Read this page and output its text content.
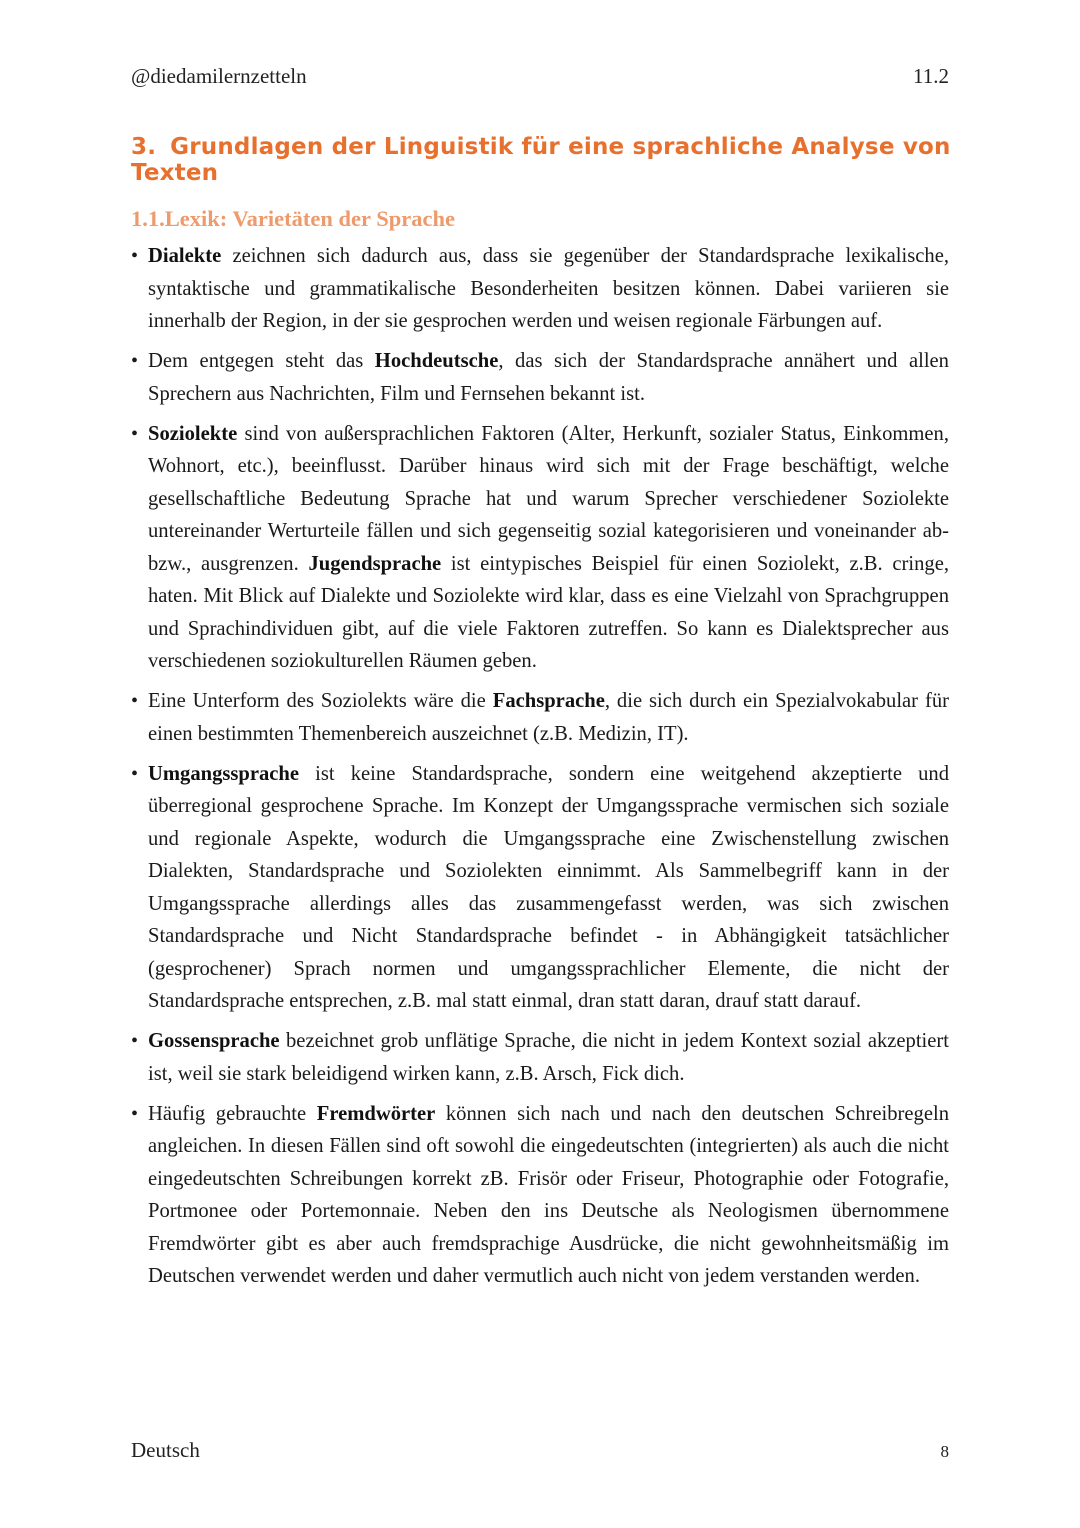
@diedamilernzetteln	11.2
3. Grundlagen der Linguistik für eine sprachliche Analyse von Texten
1.1.Lexik: Varietäten der Sprache
• Dialekte zeichnen sich dadurch aus, dass sie gegenüber der Standardsprache lexikalische, syntaktische und grammatikalische Besonderheiten besitzen können. Dabei variieren sie innerhalb der Region, in der sie gesprochen werden und weisen regionale Färbungen auf.
• Dem entgegen steht das Hochdeutsche, das sich der Standardsprache annähert und allen Sprechern aus Nachrichten, Film und Fernsehen bekannt ist.
• Soziolekte sind von außersprachlichen Faktoren (Alter, Herkunft, sozialer Status, Einkommen, Wohnort, etc.), beeinflusst. Darüber hinaus wird sich mit der Frage beschäftigt, welche gesellschaftliche Bedeutung Sprache hat und warum Sprecher verschiedener Soziolekte untereinander Werturteile fällen und sich gegenseitig sozial kategorisieren und voneinander ab- bzw., ausgrenzen. Jugendsprache ist eintypisches Beispiel für einen Soziolekt, z.B. cringe, haten. Mit Blick auf Dialekte und Soziolekte wird klar, dass es eine Vielzahl von Sprachgruppen und Sprachindividuen gibt, auf die viele Faktoren zutreffen. So kann es Dialektsprecher aus verschiedenen soziokulturellen Räumen geben.
• Eine Unterform des Soziolekts wäre die Fachsprache, die sich durch ein Spezialvokabular für einen bestimmten Themenbereich auszeichnet (z.B. Medizin, IT).
• Umgangssprache ist keine Standardsprache, sondern eine weitgehend akzeptierte und überregional gesprochene Sprache. Im Konzept der Umgangssprache vermischen sich soziale und regionale Aspekte, wodurch die Umgangssprache eine Zwischenstellung zwischen Dialekten, Standardsprache und Soziolekten einnimmt. Als Sammelbegriff kann in der Umgangssprache allerdings alles das zusammengefasst werden, was sich zwischen Standardsprache und Nicht Standardsprache befindet - in Abhängigkeit tatsächlicher (gesprochener) Sprach normen und umgangssprachlicher Elemente, die nicht der Standardsprache entsprechen, z.B. mal statt einmal, dran statt daran, drauf statt darauf.
• Gossensprache bezeichnet grob unflätige Sprache, die nicht in jedem Kontext sozial akzeptiert ist, weil sie stark beleidigend wirken kann, z.B. Arsch, Fick dich.
• Häufig gebrauchte Fremdwörter können sich nach und nach den deutschen Schreibregeln angleichen. In diesen Fällen sind oft sowohl die eingedeutschten (integrierten) als auch die nicht eingedeutschten Schreibungen korrekt zB. Frisör oder Friseur, Photographie oder Fotografie, Portmonee oder Portemonnaie. Neben den ins Deutsche als Neologismen übernommene Fremdwörter gibt es aber auch fremdsprachige Ausdrücke, die nicht gewohnheitsmäßig im Deutschen verwendet werden und daher vermutlich auch nicht von jedem verstanden werden.
Deutsch	8
